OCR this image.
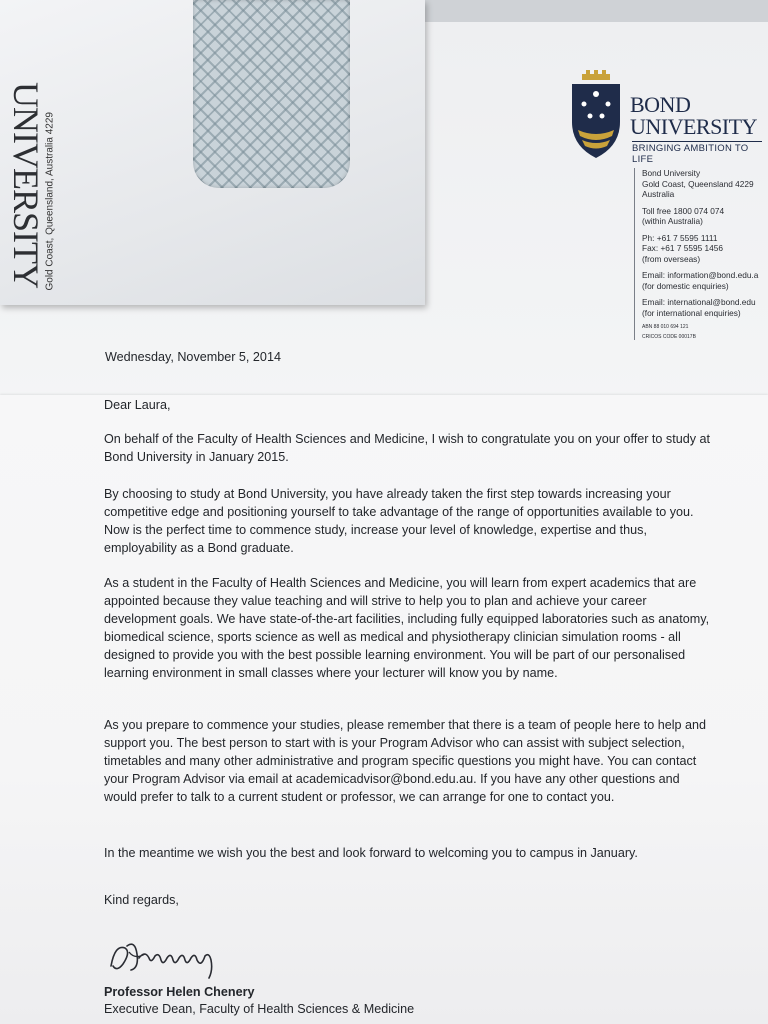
UNIVERSITY
Gold Coast, Queensland, Australia 4229
BOND
UNIVERSITY
BRINGING AMBITION TO LIFE
Bond University
Gold Coast, Queensland 4229
Australia
Toll free 1800 074 074
(within Australia)
Ph: +61 7 5595 1111
Fax: +61 7 5595 1456
(from overseas)
Email: information@bond.edu.a
(for domestic enquiries)
Email: international@bond.edu
(for international enquiries)
ABN 88 010 694 121
CRICOS CODE 00017B
Wednesday, November 5, 2014
Dear Laura,
On behalf of the Faculty of Health Sciences and Medicine, I wish to congratulate you on your offer to study at Bond University in January 2015.
By choosing to study at Bond University, you have already taken the first step towards increasing your competitive edge and positioning yourself to take advantage of the range of opportunities available to you. Now is the perfect time to commence study, increase your level of knowledge, expertise and thus, employability as a Bond graduate.
As a student in the Faculty of Health Sciences and Medicine, you will learn from expert academics that are appointed because they value teaching and will strive to help you to plan and achieve your career development goals. We have state-of-the-art facilities, including fully equipped laboratories such as anatomy, biomedical science, sports science as well as medical and physiotherapy clinician simulation rooms - all designed to provide you with the best possible learning environment. You will be part of our personalised learning environment in small classes where your lecturer will know you by name.
As you prepare to commence your studies, please remember that there is a team of people here to help and support you. The best person to start with is your Program Advisor who can assist with subject selection, timetables and many other administrative and program specific questions you might have. You can contact your Program Advisor via email at academicadvisor@bond.edu.au. If you have any other questions and would prefer to talk to a current student or professor, we can arrange for one to contact you.
In the meantime we wish you the best and look forward to welcoming you to campus in January.
Kind regards,
Professor Helen Chenery
Executive Dean, Faculty of Health Sciences & Medicine
